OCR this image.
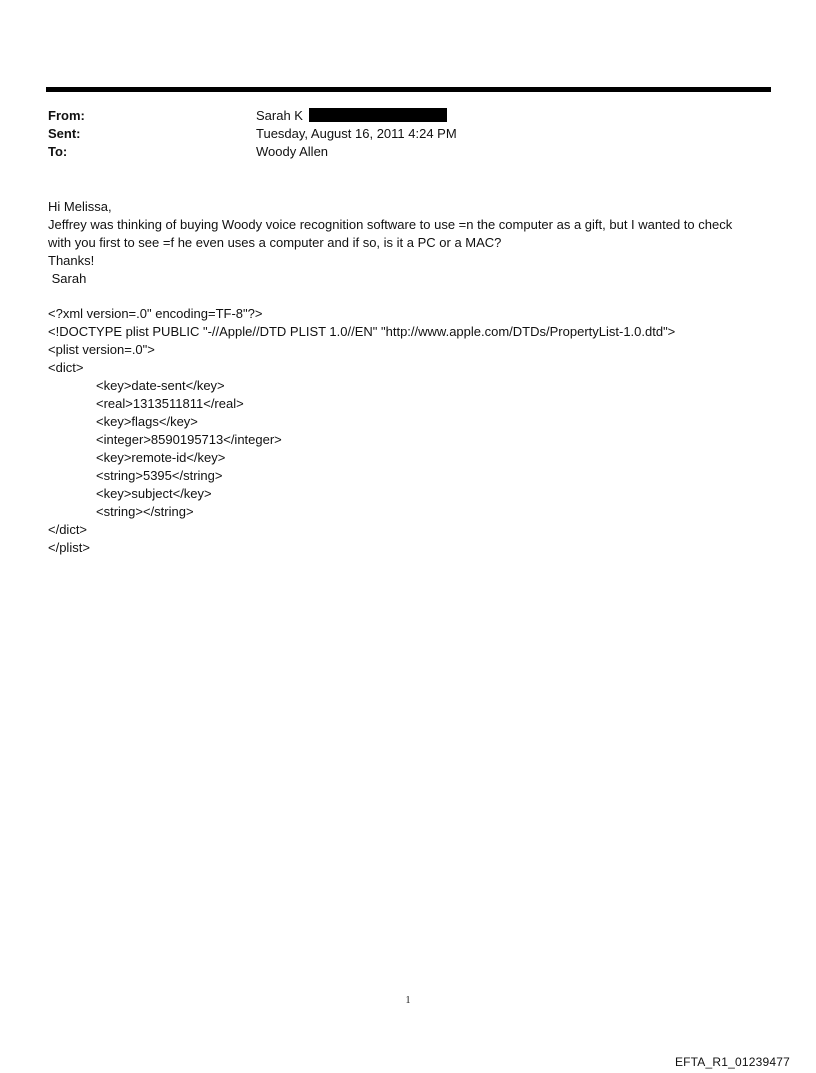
From:	Sarah K
Sent:	Tuesday, August 16, 2011 4:24 PM
To:	Woody Allen
Hi Melissa,
Jeffrey was thinking of buying Woody voice recognition software to use =n the computer as a gift, but I wanted to check
with you first to see =f he even uses a computer and if so, is it a PC or a MAC?
Thanks!
Sarah
<?xml version=.0" encoding=TF-8"?>
<!DOCTYPE plist PUBLIC "-//Apple//DTD PLIST 1.0//EN" "http://www.apple.com/DTDs/PropertyList-1.0.dtd">
<plist version=.0">
<dict>
<key>date-sent</key>
<real>1313511811</real>
<key>flags</key>
<integer>8590195713</integer>
<key>remote-id</key>
<string>5395</string>
<key>subject</key>
<string></string>
</dict>
</plist>
1
EFTA_R1_01239477
